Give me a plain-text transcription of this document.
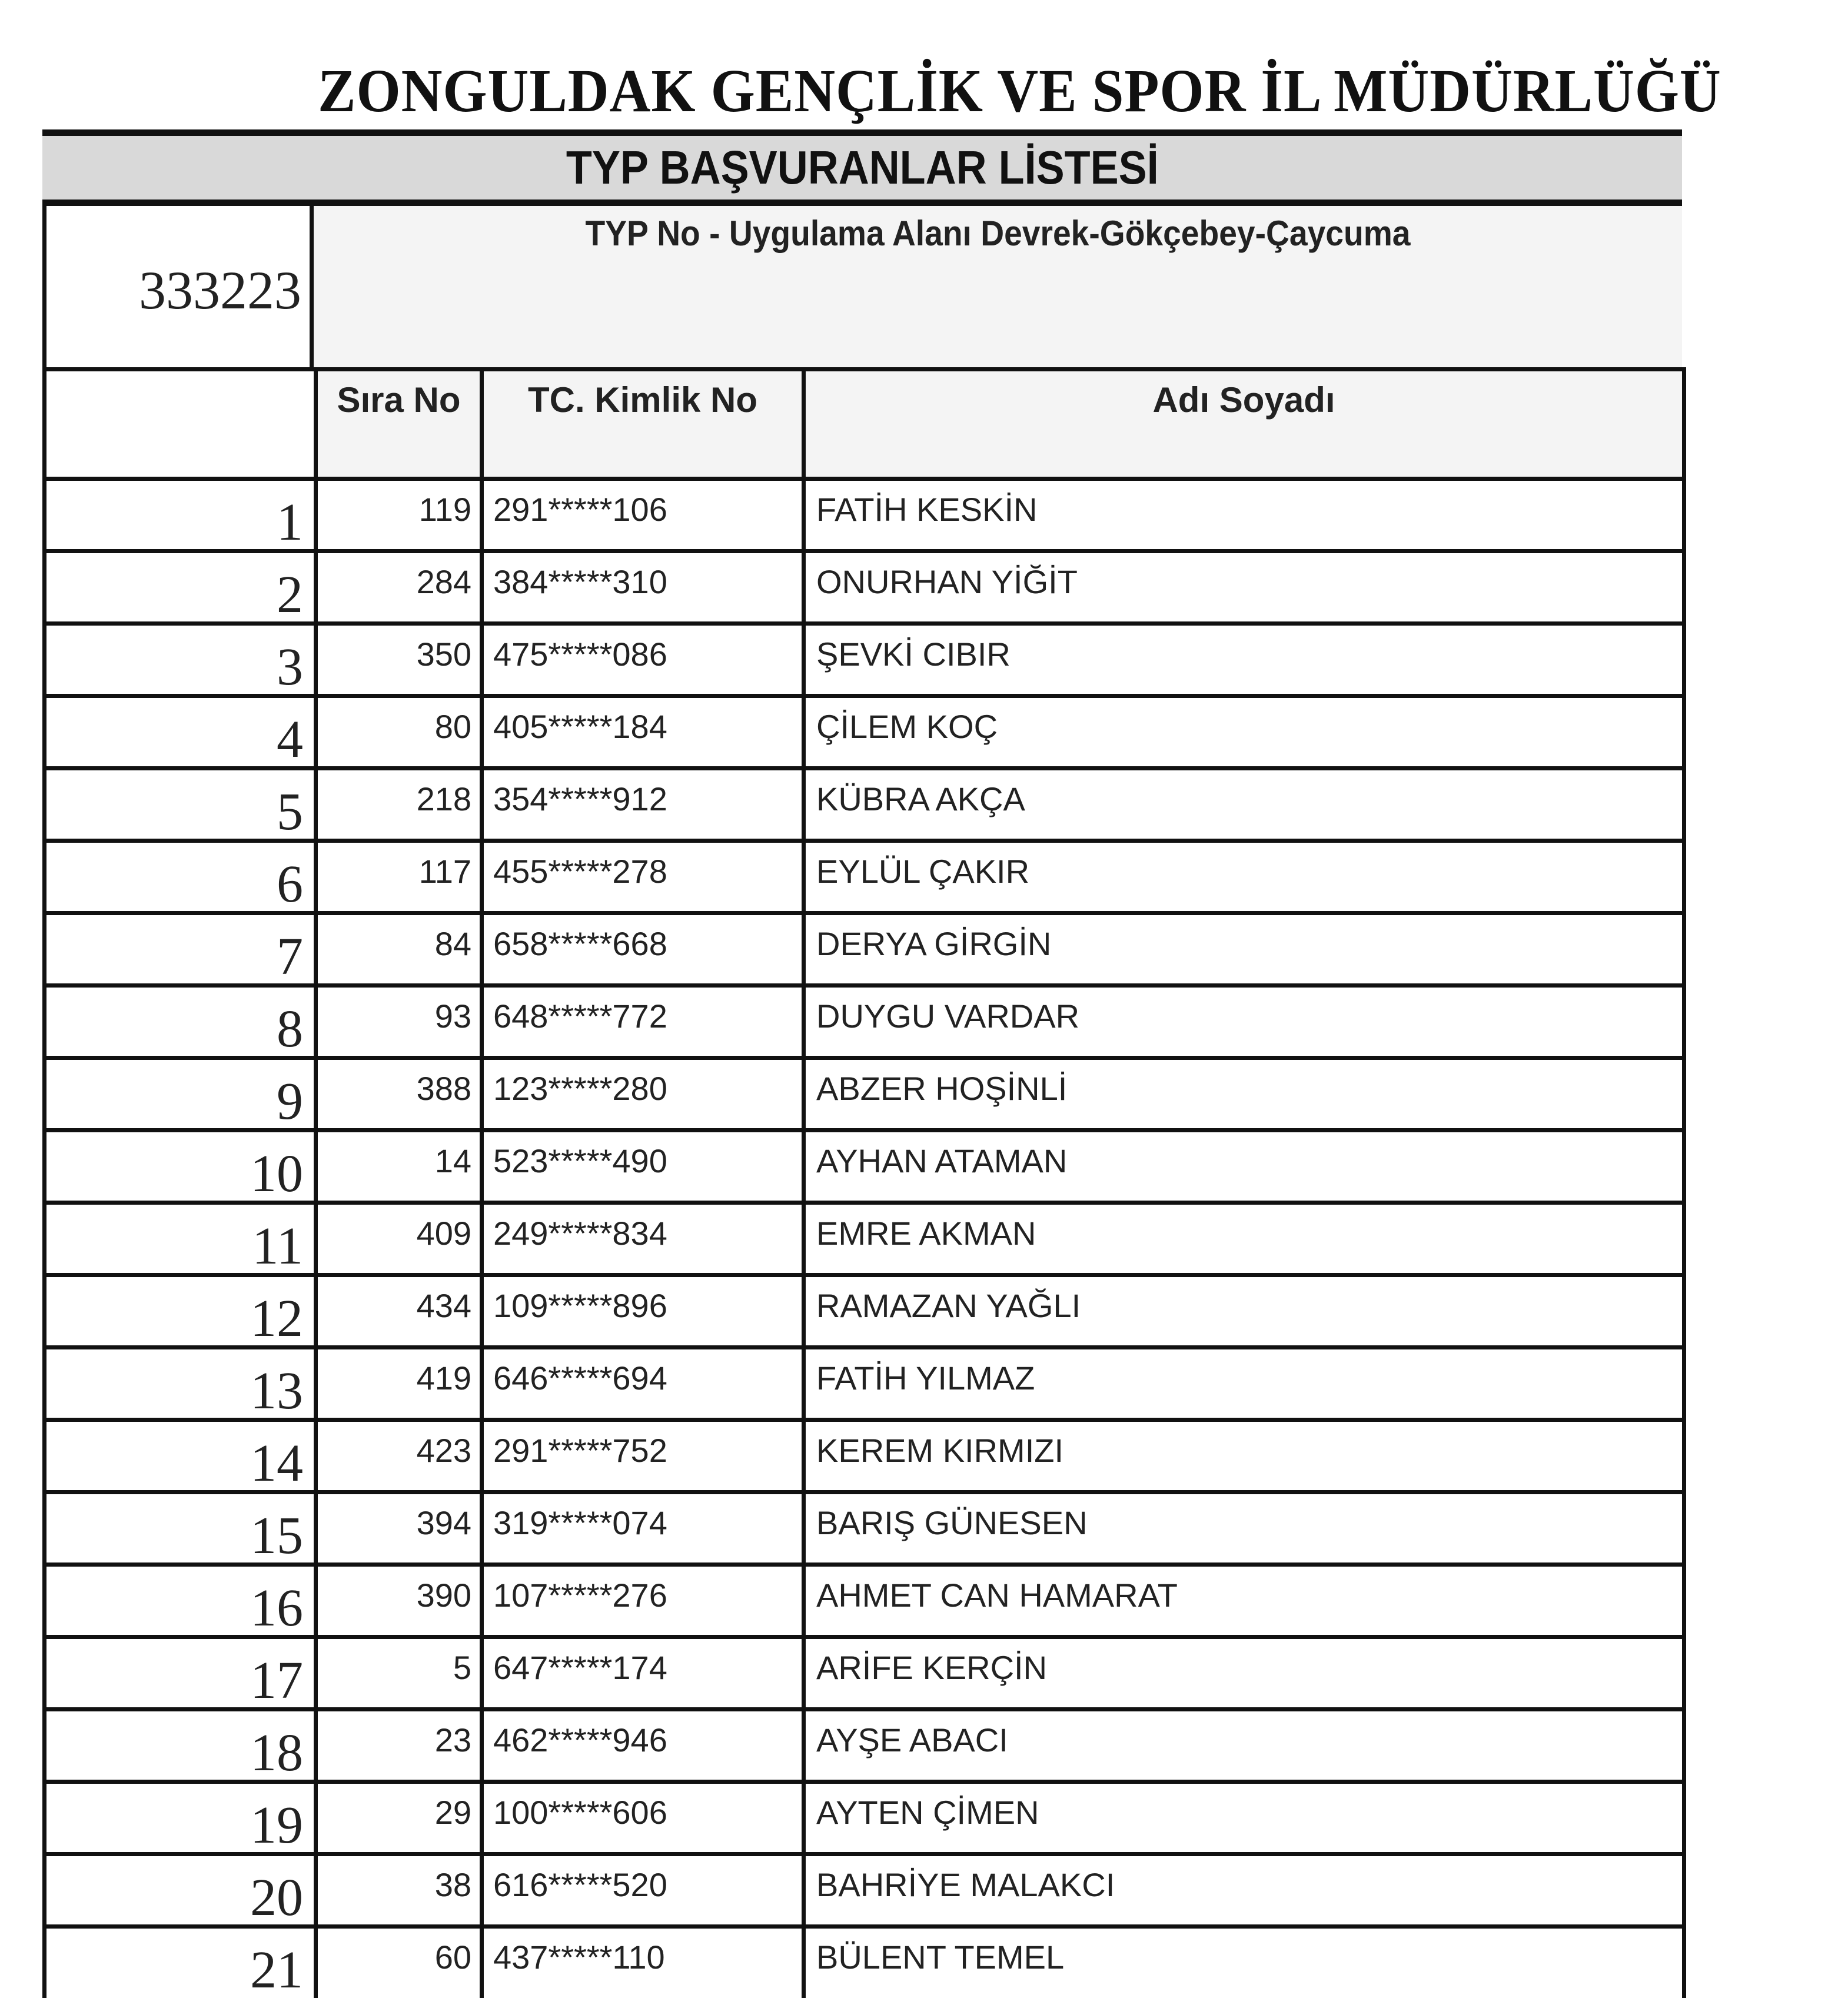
ZONGULDAK GENÇLİK VE SPOR İL MÜDÜRLÜĞÜ
TYP BAŞVURANLAR LİSTESİ
333223
TYP No - Uygulama Alanı Devrek-Gökçebey-Çaycuma
	Sıra No	TC. Kimlik No	Adı Soyadı
1	119	291*****106	FATİH KESKİN
2	284	384*****310	ONURHAN YİĞİT
3	350	475*****086	ŞEVKİ CIBIR
4	80	405*****184	ÇİLEM KOÇ
5	218	354*****912	KÜBRA AKÇA
6	117	455*****278	EYLÜL ÇAKIR
7	84	658*****668	DERYA GİRGİN
8	93	648*****772	DUYGU VARDAR
9	388	123*****280	ABZER HOŞİNLİ
10	14	523*****490	AYHAN ATAMAN
11	409	249*****834	EMRE AKMAN
12	434	109*****896	RAMAZAN YAĞLI
13	419	646*****694	FATİH YILMAZ
14	423	291*****752	KEREM KIRMIZI
15	394	319*****074	BARIŞ GÜNESEN
16	390	107*****276	AHMET CAN HAMARAT
17	5	647*****174	ARİFE KERÇİN
18	23	462*****946	AYŞE ABACI
19	29	100*****606	AYTEN ÇİMEN
20	38	616*****520	BAHRİYE MALAKCI
21	60	437*****110	BÜLENT TEMEL
